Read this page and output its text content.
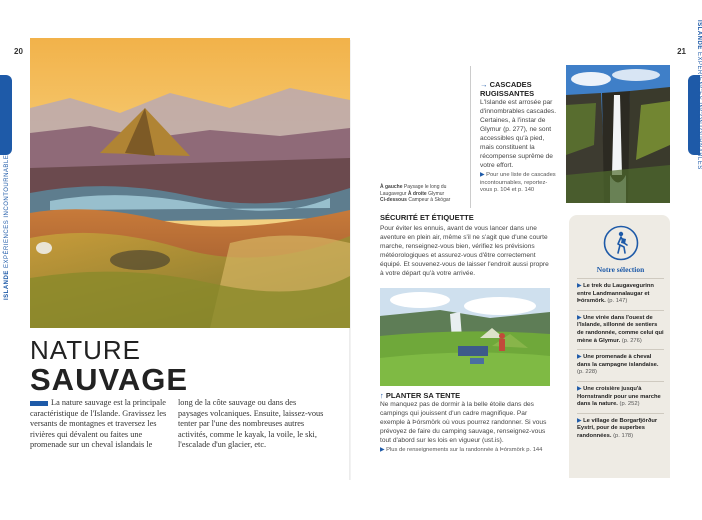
20
ISLANDE EXPÉRIENCES INCONTOURNABLES
NATURE
SAUVAGE
La nature sauvage est la principale caractéristique de l'Islande. Gravissez les versants de montagnes et traversez les rivières qui dévalent ou faites une promenade sur un cheval islandais le
long de la côte sauvage ou dans des paysages volcaniques. Ensuite, laissez-vous tenter par l'une des nombreuses autres activités, comme le kayak, la voile, le ski, l'escalade d'un glacier, etc.
21
ISLANDE EXPÉRIENCES INCONTOURNABLES
À gauche Paysage le long du Laugavegur À droite Glymur
Ci-dessous Campeur à Skógar
→ CASCADES RUGISSANTES
L'Islande est arrosée par d'innombrables cascades. Certaines, à l'instar de Glymur (p. 277), ne sont accessibles qu'à pied, mais constituent la récompense suprême de votre effort.
▶ Pour une liste de cascades incontournables, reportez-vous p. 104 et p. 140
SÉCURITÉ ET ÉTIQUETTE
Pour éviter les ennuis, avant de vous lancer dans une aventure en plein air, même s'il ne s'agit que d'une courte marche, renseignez-vous bien, vérifiez les prévisions météorologiques et assurez-vous d'être correctement équipé. Et souvenez-vous de laisser l'endroit aussi propre à votre départ qu'à votre arrivée.
↑ PLANTER SA TENTE
Ne manquez pas de dormir à la belle étoile dans des campings qui jouissent d'un cadre magnifique. Par exemple à Þórsmörk où vous pourrez randonner. Si vous prévoyez de faire du camping sauvage, renseignez-vous tout d'abord sur les lois en vigueur (ust.is).
▶ Plus de renseignements sur la randonnée à Þórsmörk p. 144
Notre sélection
▶ Le trek du Laugavegurinn entre Landmannalaugar et Þórsmörk. (p. 147)
▶ Une virée dans l'ouest de l'Islande, sillonné de sentiers de randonnée, comme celui qui mène à Glymur. (p. 276)
▶ Une promenade à cheval dans la campagne islandaise. (p. 228)
▶ Une croisière jusqu'à Hornstrandir pour une marche dans la nature. (p. 252)
▶ Le village de Borgarfjörður Eystri, pour de superbes randonnées. (p. 178)
